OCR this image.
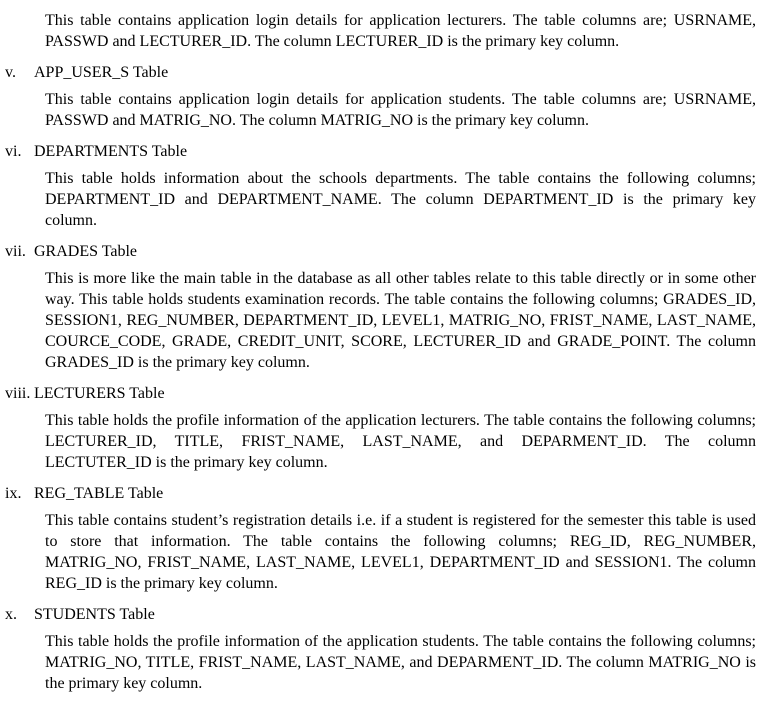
This table contains application login details for application lecturers. The table columns are; USRNAME, PASSWD and LECTURER_ID. The column LECTURER_ID is the primary key column.

v.	APP_USER_S Table

This table contains application login details for application students. The table columns are; USRNAME, PASSWD and MATRIG_NO. The column MATRIG_NO is the primary key column.

vi. DEPARTMENTS Table

This table holds information about the schools departments. The table contains the following columns; DEPARTMENT_ID and DEPARTMENT_NAME. The column DEPARTMENT_ID is the primary key column.

vii. GRADES Table

This is more like the main table in the database as all other tables relate to this table directly or in some other way. This table holds students examination records. The table contains the following columns; GRADES_ID, SESSION1, REG_NUMBER, DEPARTMENT_ID, LEVEL1, MATRIG_NO, FRIST_NAME, LAST_NAME, COURCE_CODE, GRADE, CREDIT_UNIT, SCORE, LECTURER_ID and GRADE_POINT. The column GRADES_ID is the primary key column.

viii. LECTURERS Table

This table holds the profile information of the application lecturers. The table contains the following columns; LECTURER_ID, TITLE, FRIST_NAME, LAST_NAME, and DEPARMENT_ID. The column LECTUTER_ID is the primary key column.

ix. REG_TABLE Table

This table contains student’s registration details i.e. if a student is registered for the semester this table is used to store that information. The table contains the following columns; REG_ID, REG_NUMBER, MATRIG_NO, FRIST_NAME, LAST_NAME, LEVEL1, DEPARTMENT_ID and SESSION1. The column REG_ID is the primary key column.

x.	STUDENTS Table

This table holds the profile information of the application students. The table contains the following columns; MATRIG_NO, TITLE, FRIST_NAME, LAST_NAME, and DEPARMENT_ID. The column MATRIG_NO is the primary key column.
